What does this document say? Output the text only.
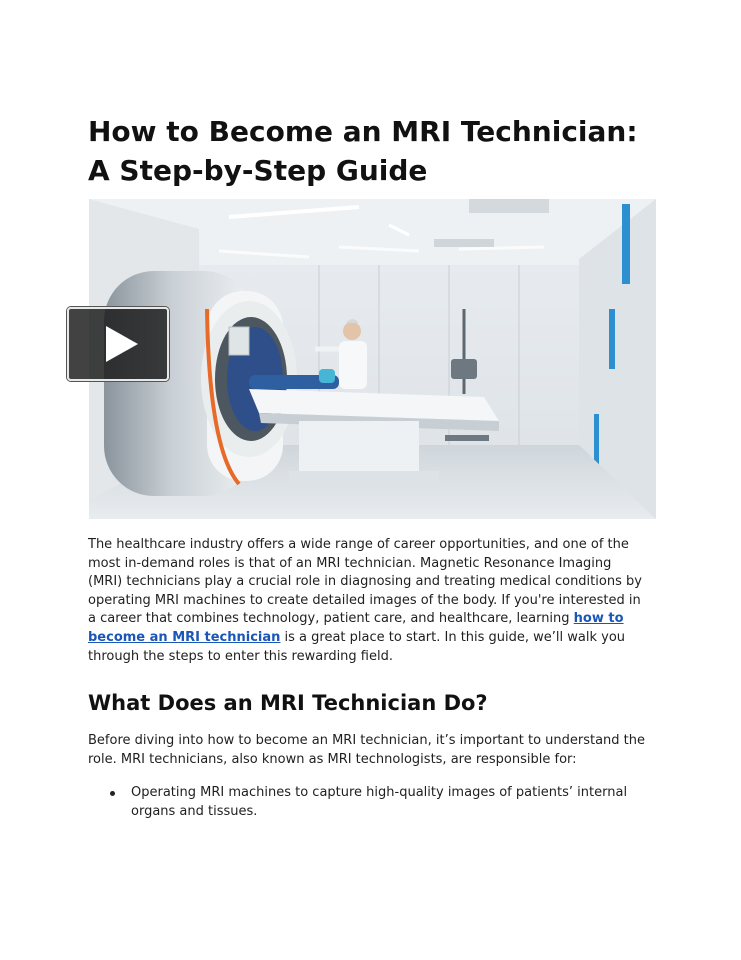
How to Become an MRI Technician:
A Step-by-Step Guide

The healthcare industry offers a wide range of career opportunities, and one of the most in-demand roles is that of an MRI technician. Magnetic Resonance Imaging (MRI) technicians play a crucial role in diagnosing and treating medical conditions by operating MRI machines to create detailed images of the body. If you're interested in a career that combines technology, patient care, and healthcare, learning how to become an MRI technician is a great place to start. In this guide, we’ll walk you through the steps to enter this rewarding field.

What Does an MRI Technician Do?

Before diving into how to become an MRI technician, it’s important to understand the role. MRI technicians, also known as MRI technologists, are responsible for:

Operating MRI machines to capture high-quality images of patients’ internal organs and tissues.
